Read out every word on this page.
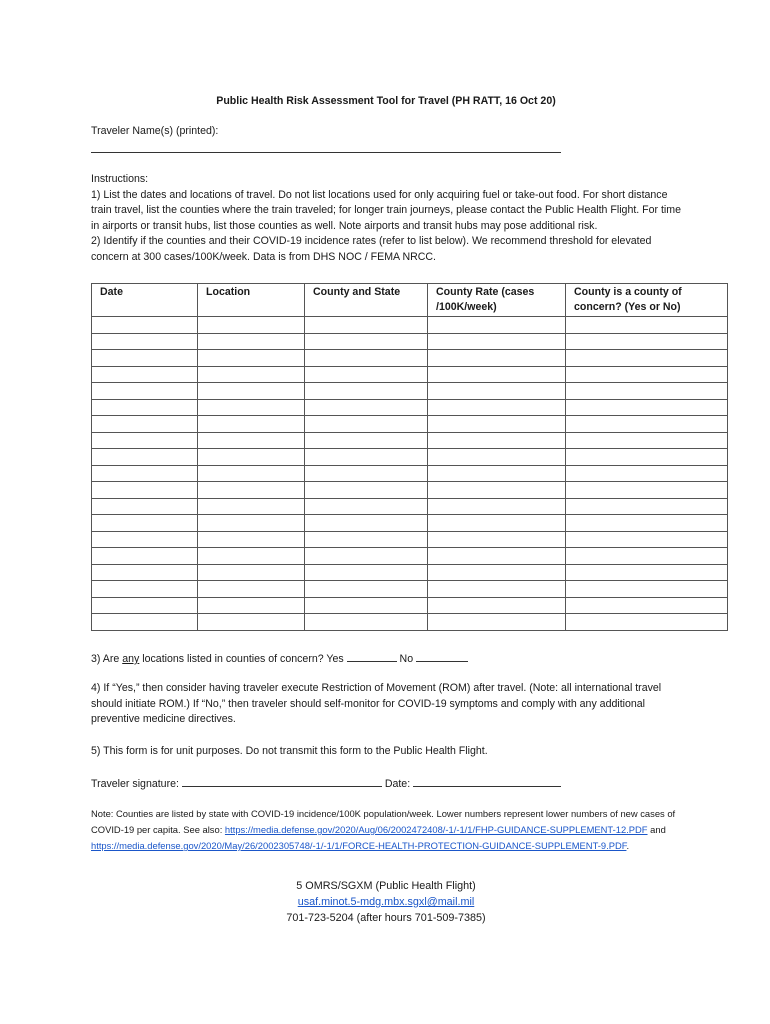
Public Health Risk Assessment Tool for Travel (PH RATT, 16 Oct 20)
Traveler Name(s) (printed):

Instructions:

1) List the dates and locations of travel. Do not list locations used for only acquiring fuel or take-out food. For short distance train travel, list the counties where the train traveled; for longer train journeys, please contact the Public Health Flight. For time in airports or transit hubs, list those counties as well. Note airports and transit hubs may pose additional risk.

2) Identify if the counties and their COVID-19 incidence rates (refer to list below). We recommend threshold for elevated concern at 300 cases/100K/week. Data is from DHS NOC / FEMA NRCC.

Date	Location	County and State	County Rate (cases /100K/week)	County is a county of concern? (Yes or No)

3) Are any locations listed in counties of concern? Yes	No
4) If “Yes,” then consider having traveler execute Restriction of Movement (ROM) after travel. (Note: all international travel should initiate ROM.) If “No,” then traveler should self-monitor for COVID-19 symptoms and comply with any additional preventive medicine directives.
5) This form is for unit purposes. Do not transmit this form to the Public Health Flight.
Traveler signature:	Date:
Note: Counties are listed by state with COVID-19 incidence/100K population/week. Lower numbers represent lower numbers of new cases of COVID-19 per capita. See also: https://media.defense.gov/2020/Aug/06/2002472408/-1/-1/1/FHP-GUIDANCE-SUPPLEMENT-12.PDF and https://media.defense.gov/2020/May/26/2002305748/-1/-1/1/FORCE-HEALTH-PROTECTION-GUIDANCE-SUPPLEMENT-9.PDF.
5 OMRS/SGXM (Public Health Flight)
usaf.minot.5-mdg.mbx.sgxl@mail.mil
701-723-5204 (after hours 701-509-7385)
